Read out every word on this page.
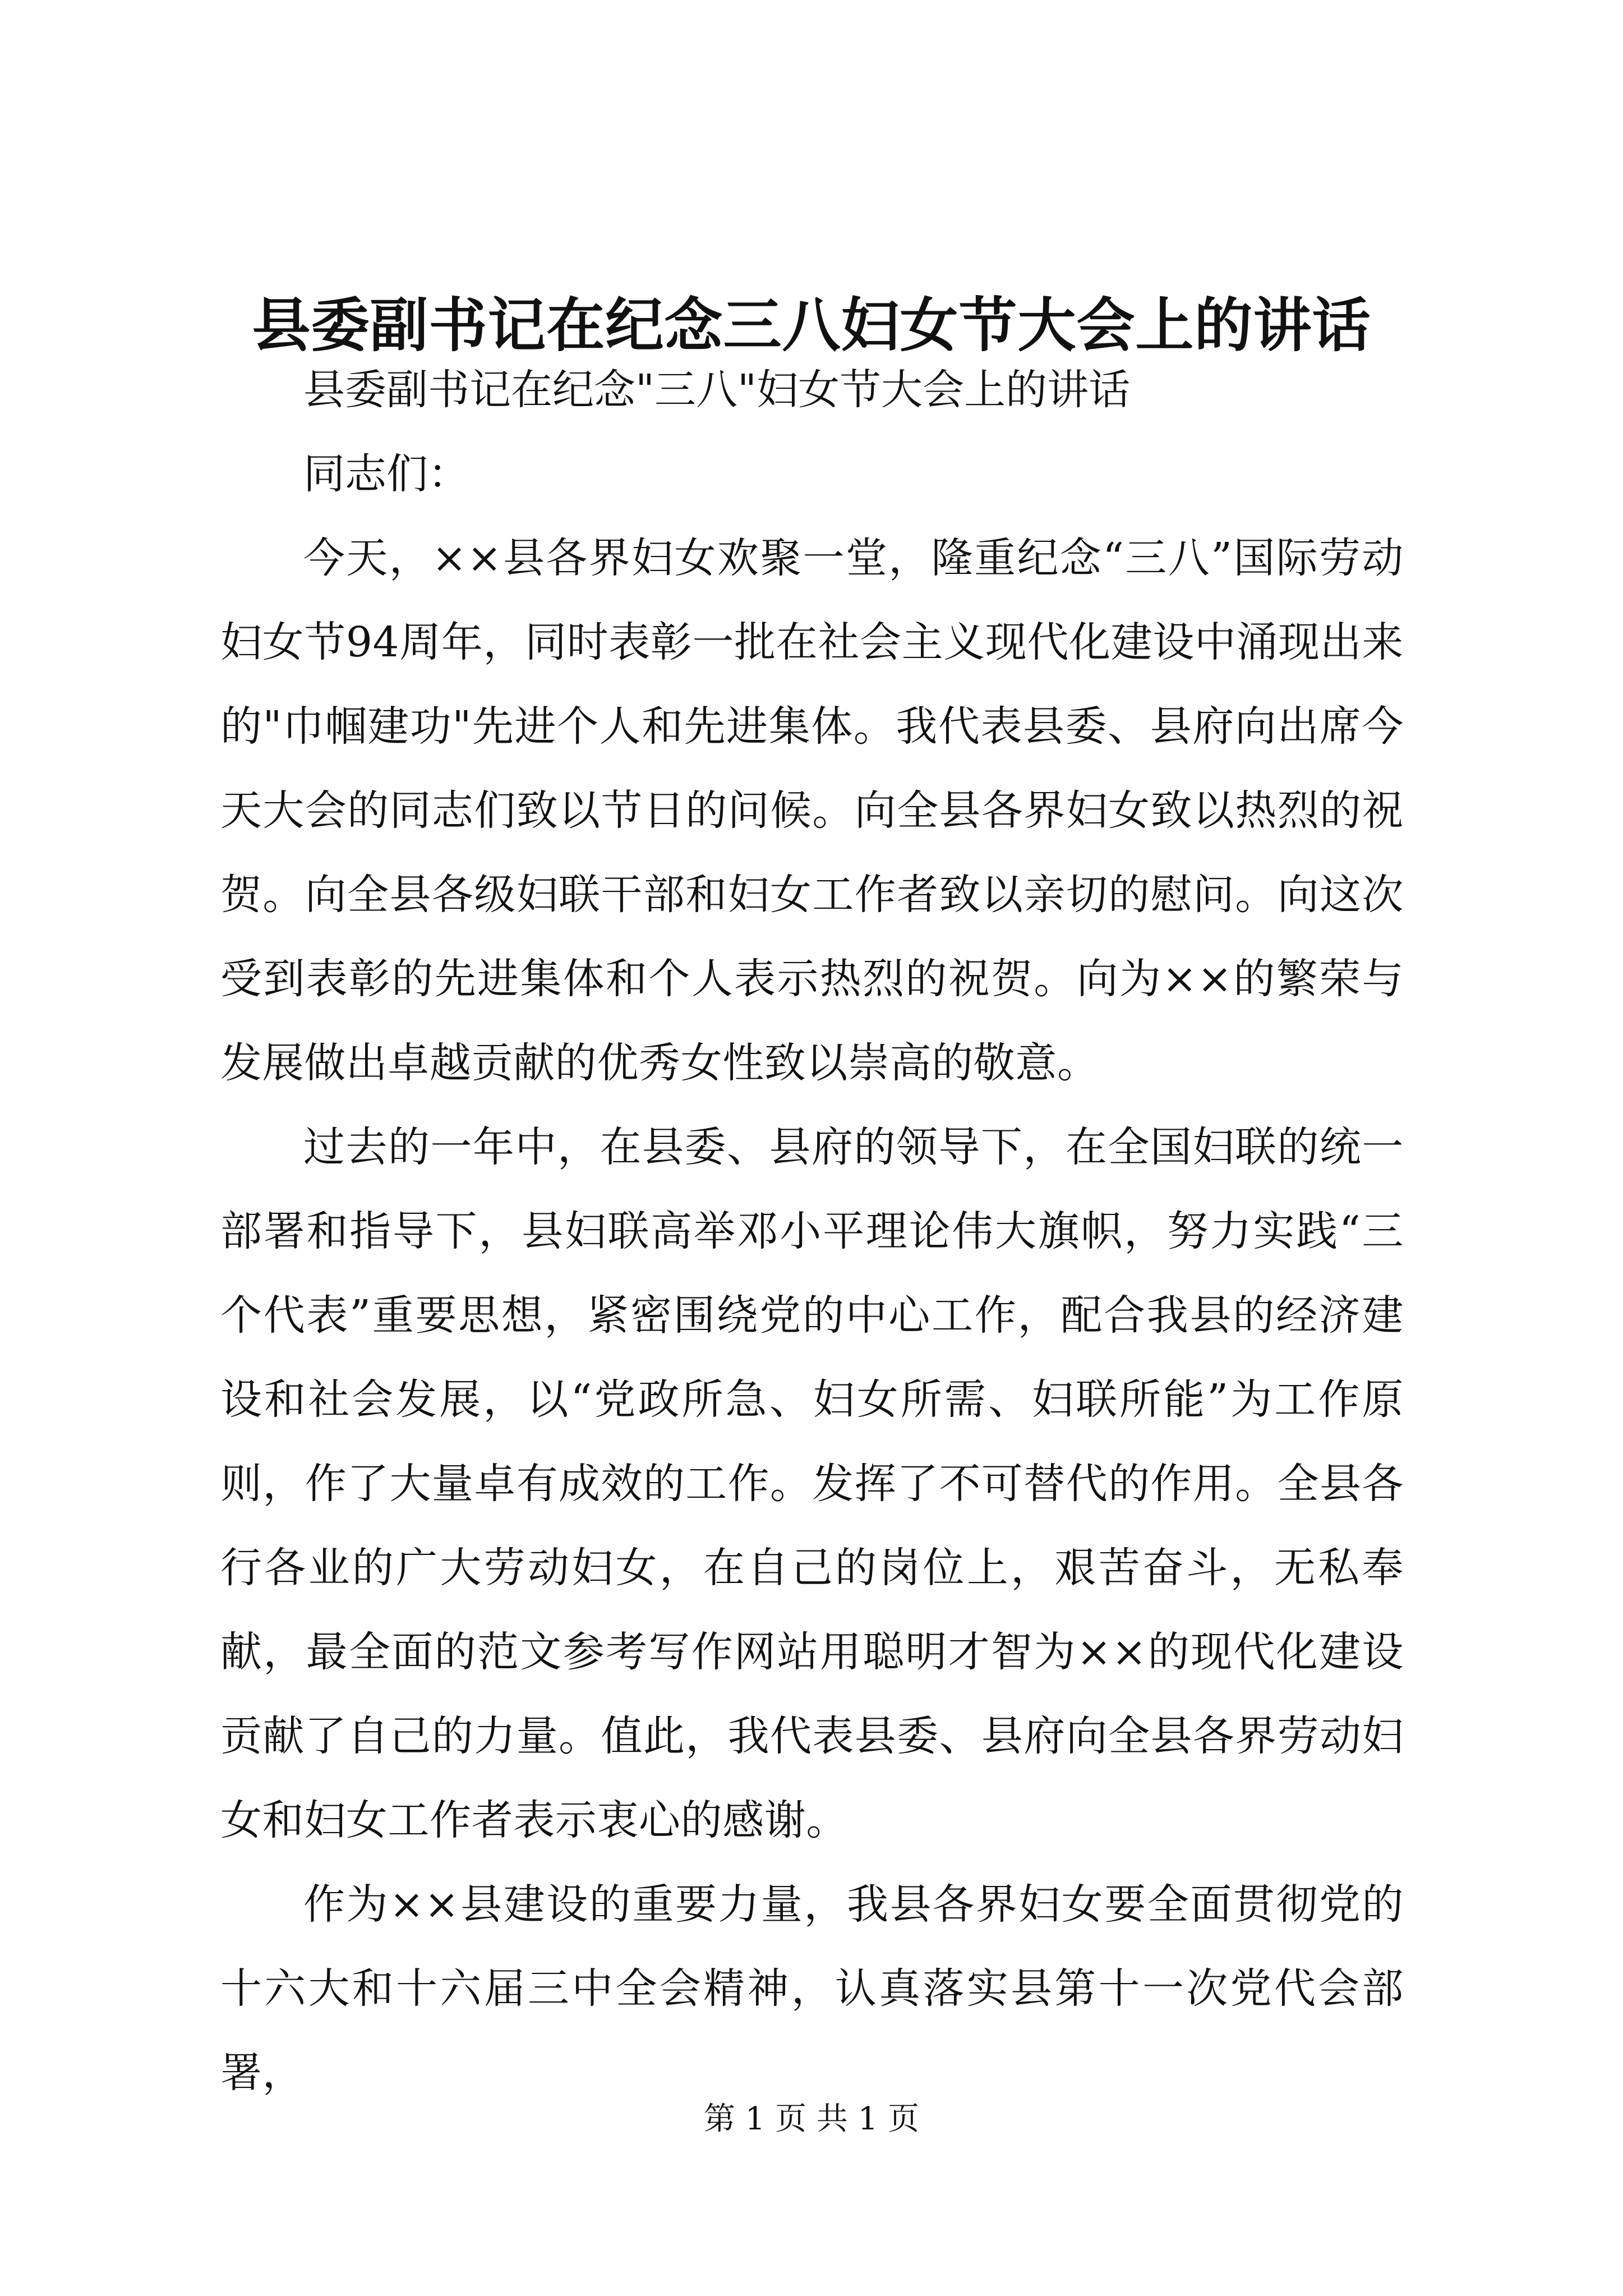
县委副书记在纪念三八妇女节大会上的讲话

县委副书记在纪念"三八"妇女节大会上的讲话

同志们：

今天，××县各界妇女欢聚一堂，隆重纪念“三八”国际劳动妇女节94周年，同时表彰一批在社会主义现代化建设中涌现出来的"巾帼建功"先进个人和先进集体。我代表县委、县府向出席今天大会的同志们致以节日的问候。向全县各界妇女致以热烈的祝贺。向全县各级妇联干部和妇女工作者致以亲切的慰问。向这次受到表彰的先进集体和个人表示热烈的祝贺。向为××的繁荣与发展做出卓越贡献的优秀女性致以崇高的敬意。

过去的一年中，在县委、县府的领导下，在全国妇联的统一部署和指导下，县妇联高举邓小平理论伟大旗帜，努力实践“三个代表”重要思想，紧密围绕党的中心工作，配合我县的经济建设和社会发展，以“党政所急、妇女所需、妇联所能”为工作原则，作了大量卓有成效的工作。发挥了不可替代的作用。全县各行各业的广大劳动妇女，在自己的岗位上，艰苦奋斗，无私奉献，最全面的范文参考写作网站用聪明才智为××的现代化建设贡献了自己的力量。值此，我代表县委、县府向全县各界劳动妇女和妇女工作者表示衷心的感谢。

作为××县建设的重要力量，我县各界妇女要全面贯彻党的十六大和十六届三中全会精神，认真落实县第十一次党代会部署，

第 1 页 共 1 页
